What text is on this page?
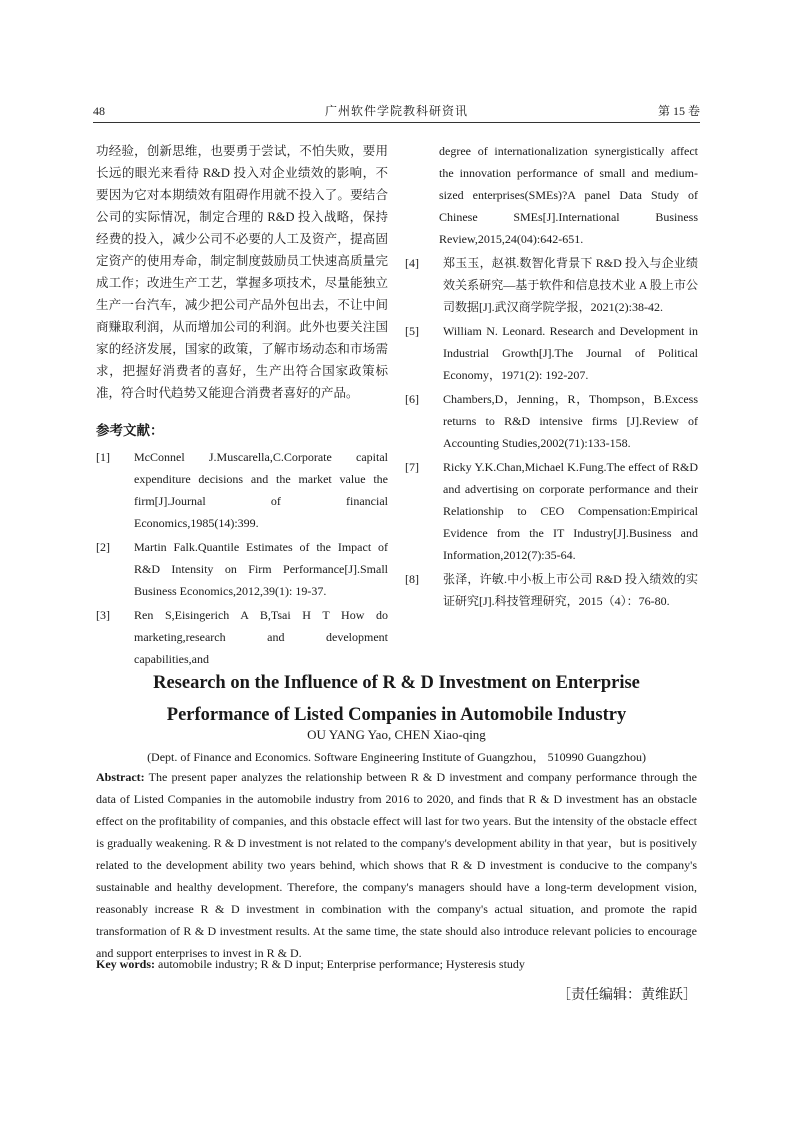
48	广州软件学院教科研资讯	第 15 卷

功经验，创新思维，也要勇于尝试，不怕失败，要用长远的眼光来看待 R&D 投入对企业绩效的影响，不要因为它对本期绩效有阻碍作用就不投入了。要结合公司的实际情况，制定合理的 R&D 投入战略，保持经费的投入，减少公司不必要的人工及资产，提高固定资产的使用寿命，制定制度鼓励员工快速高质量完成工作；改进生产工艺，掌握多项技术，尽量能独立生产一台汽车，减少把公司产品外包出去，不让中间商赚取利润，从而增加公司的利润。此外也要关注国家的经济发展，国家的政策，了解市场动态和市场需求，把握好消费者的喜好，生产出符合国家政策标准，符合时代趋势又能迎合消费者喜好的产品。

参考文献：
[1] McConnel J.Muscarella,C.Corporate capital expenditure decisions and the market value the firm[J].Journal of financial Economics,1985(14):399.
[2] Martin Falk.Quantile Estimates of the Impact of R&D Intensity on Firm Performance[J].Small Business Economics,2012,39(1): 19-37.
[3] Ren S,Eisingerich A B,Tsai H T How do marketing,research and development capabilities,and
degree of internationalization synergistically affect the innovation performance of small and medium-sized enterprises(SMEs)?A panel Data Study of Chinese SMEs[J].International Business Review,2015,24(04):642-651.
[4] 郑玉玉，赵祺.数智化背景下 R&D 投入与企业绩效关系研究—基于软件和信息技术业 A 股上市公司数据[J].武汉商学院学报，2021(2):38-42.
[5] William N. Leonard. Research and Development in Industrial Growth[J].The Journal of Political Economy，1971(2): 192-207.
[6] Chambers,D，Jenning，R，Thompson，B.Excess returns to R&D intensive firms [J].Review of Accounting Studies,2002(71):133-158.
[7] Ricky Y.K.Chan,Michael K.Fung.The effect of R&D and advertising on corporate performance and their Relationship to CEO Compensation:Empirical Evidence from the IT Industry[J].Business and Information,2012(7):35-64.
[8] 张泽，许敏.中小板上市公司 R&D 投入绩效的实证研究[J].科技管理研究，2015（4）：76-80.
Research on the Influence of R & D Investment on Enterprise
Performance of Listed Companies in Automobile Industry
OU YANG Yao, CHEN Xiao-qing
(Dept. of Finance and Economics. Software Engineering Institute of Guangzhou， 510990 Guangzhou)

Abstract: The present paper analyzes the relationship between R & D investment and company performance through the data of Listed Companies in the automobile industry from 2016 to 2020, and finds that R & D investment has an obstacle effect on the profitability of companies, and this obstacle effect will last for two years. But the intensity of the obstacle effect is gradually weakening. R & D investment is not related to the company's development ability in that year，but is positively related to the development ability two years behind, which shows that R & D investment is conducive to the company's sustainable and healthy development. Therefore, the company's managers should have a long-term development vision, reasonably increase R & D investment in combination with the company's actual situation, and promote the rapid transformation of R & D investment results. At the same time, the state should also introduce relevant policies to encourage and support enterprises to invest in R & D.

Key words: automobile industry; R & D input; Enterprise performance; Hysteresis study

［责任编辑：黄维跃］
